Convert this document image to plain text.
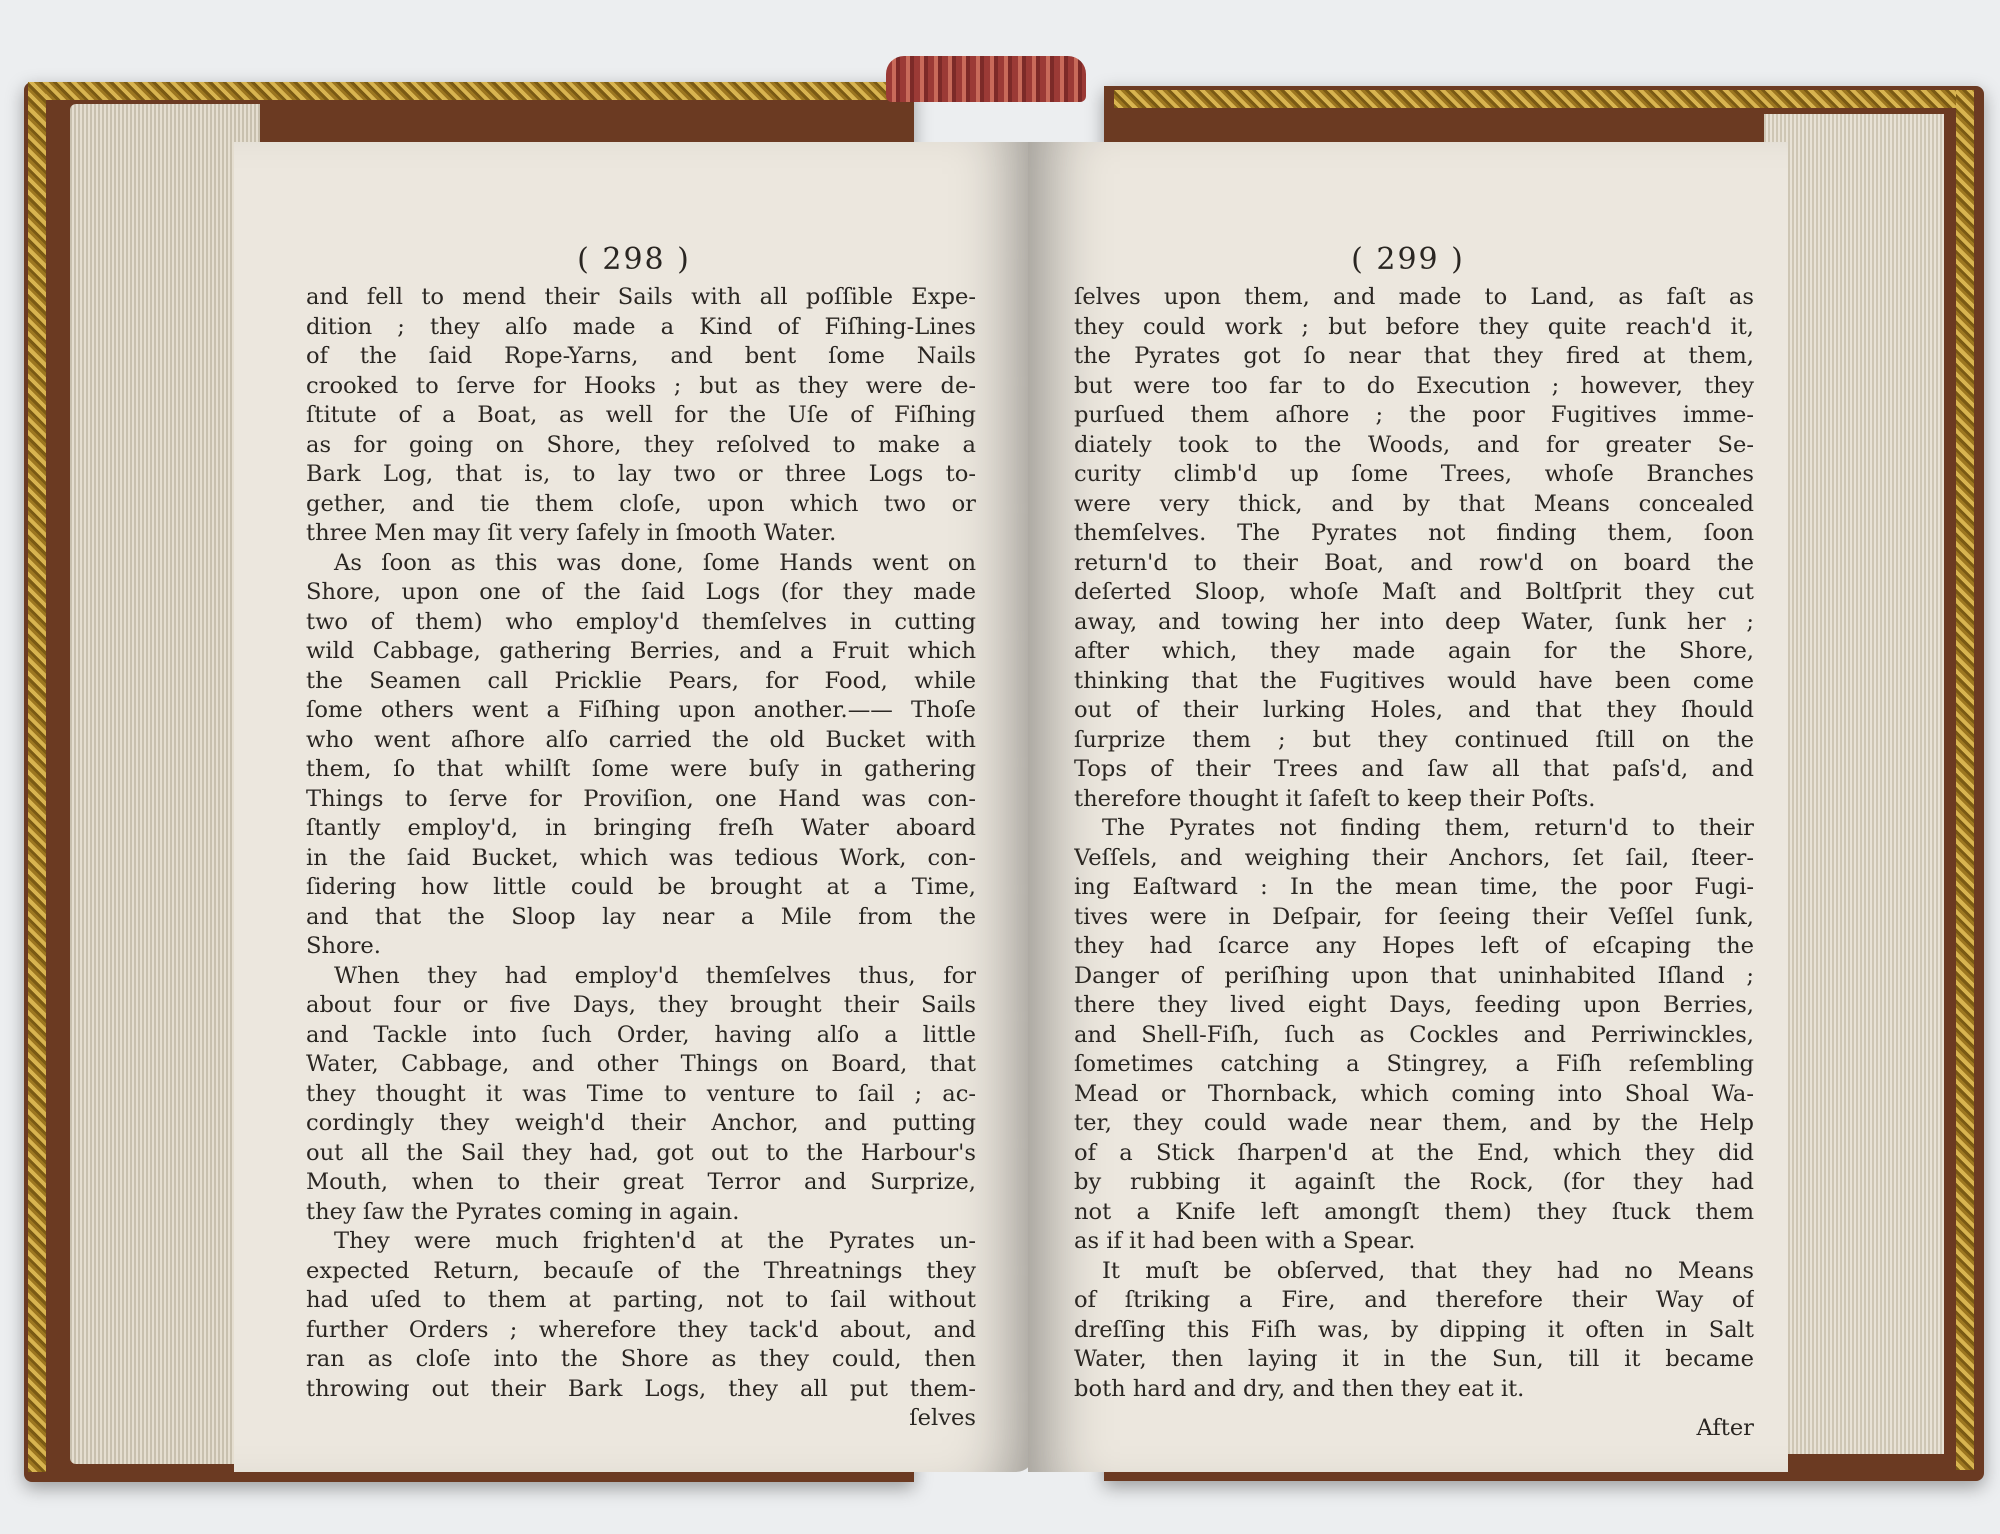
( 298 )
and fell to mend their Sails with all poſſible Expe-
dition ; they alſo made a Kind of Fiſhing-Lines
of the ſaid Rope-Yarns, and bent ſome Nails
crooked to ſerve for Hooks ; but as they were de-
ſtitute of a Boat, as well for the Uſe of Fiſhing
as for going on Shore, they reſolved to make a
Bark Log, that is, to lay two or three Logs to-
gether, and tie them cloſe, upon which two or
three Men may ſit very ſafely in ſmooth Water.
As ſoon as this was done, ſome Hands went on
Shore, upon one of the ſaid Logs (for they made
two of them) who employ'd themſelves in cutting
wild Cabbage, gathering Berries, and a Fruit which
the Seamen call Pricklie Pears, for Food, while
ſome others went a Fiſhing upon another.—— Thoſe
who went aſhore alſo carried the old Bucket with
them, ſo that whilſt ſome were buſy in gathering
Things to ſerve for Proviſion, one Hand was con-
ſtantly employ'd, in bringing freſh Water aboard
in the ſaid Bucket, which was tedious Work, con-
ſidering how little could be brought at a Time,
and that the Sloop lay near a Mile from the
Shore.
When they had employ'd themſelves thus, for
about four or five Days, they brought their Sails
and Tackle into ſuch Order, having alſo a little
Water, Cabbage, and other Things on Board, that
they thought it was Time to venture to ſail ; ac-
cordingly they weigh'd their Anchor, and putting
out all the Sail they had, got out to the Harbour's
Mouth, when to their great Terror and Surprize,
they ſaw the Pyrates coming in again.
They were much frighten'd at the Pyrates un-
expected Return, becauſe of the Threatnings they
had uſed to them at parting, not to ſail without
further Orders ; wherefore they tack'd about, and
ran as cloſe into the Shore as they could, then
throwing out their Bark Logs, they all put them-
ſelves
( 299 )
ſelves upon them, and made to Land, as faſt as
they could work ; but before they quite reach'd it,
the Pyrates got ſo near that they fired at them,
but were too far to do Execution ; however, they
purſued them aſhore ; the poor Fugitives imme-
diately took to the Woods, and for greater Se-
curity climb'd up ſome Trees, whoſe Branches
were very thick, and by that Means concealed
themſelves. The Pyrates not finding them, ſoon
return'd to their Boat, and row'd on board the
deſerted Sloop, whoſe Maſt and Boltſprit they cut
away, and towing her into deep Water, ſunk her ;
after which, they made again for the Shore,
thinking that the Fugitives would have been come
out of their lurking Holes, and that they ſhould
ſurprize them ; but they continued ſtill on the
Tops of their Trees and ſaw all that paſs'd, and
therefore thought it ſafeſt to keep their Poſts.
The Pyrates not finding them, return'd to their
Veſſels, and weighing their Anchors, ſet ſail, ſteer-
ing Eaſtward : In the mean time, the poor Fugi-
tives were in Deſpair, for ſeeing their Veſſel ſunk,
they had ſcarce any Hopes left of eſcaping the
Danger of periſhing upon that uninhabited Iſland ;
there they lived eight Days, feeding upon Berries,
and Shell-Fiſh, ſuch as Cockles and Perriwinckles,
ſometimes catching a Stingrey, a Fiſh reſembling
Mead or Thornback, which coming into Shoal Wa-
ter, they could wade near them, and by the Help
of a Stick ſharpen'd at the End, which they did
by rubbing it againſt the Rock, (for they had
not a Knife left amongſt them) they ſtuck them
as if it had been with a Spear.
It muſt be obſerved, that they had no Means
of ſtriking a Fire, and therefore their Way of
dreſſing this Fiſh was, by dipping it often in Salt
Water, then laying it in the Sun, till it became
both hard and dry, and then they eat it.
After
